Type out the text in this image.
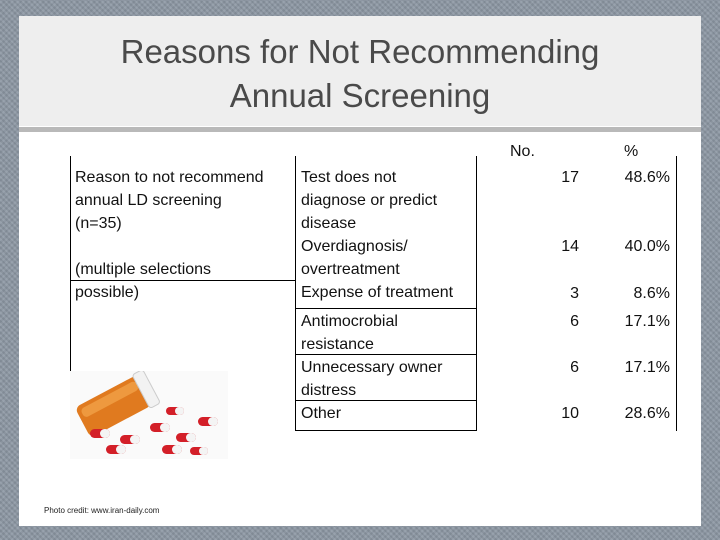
Reasons for Not Recommending
Annual Screening
No.	%
Reason to not recommend
annual LD screening
(n=35)
(multiple selections
possible)
Test does not
diagnose or predict
disease
17	48.6%
Overdiagnosis/
overtreatment
14	40.0%
Expense of treatment	3	8.6%
Antimocrobial
resistance
6	17.1%
Unnecessary owner
distress
6	17.1%
Other	10	28.6%
Photo credit: www.iran-daily.com
